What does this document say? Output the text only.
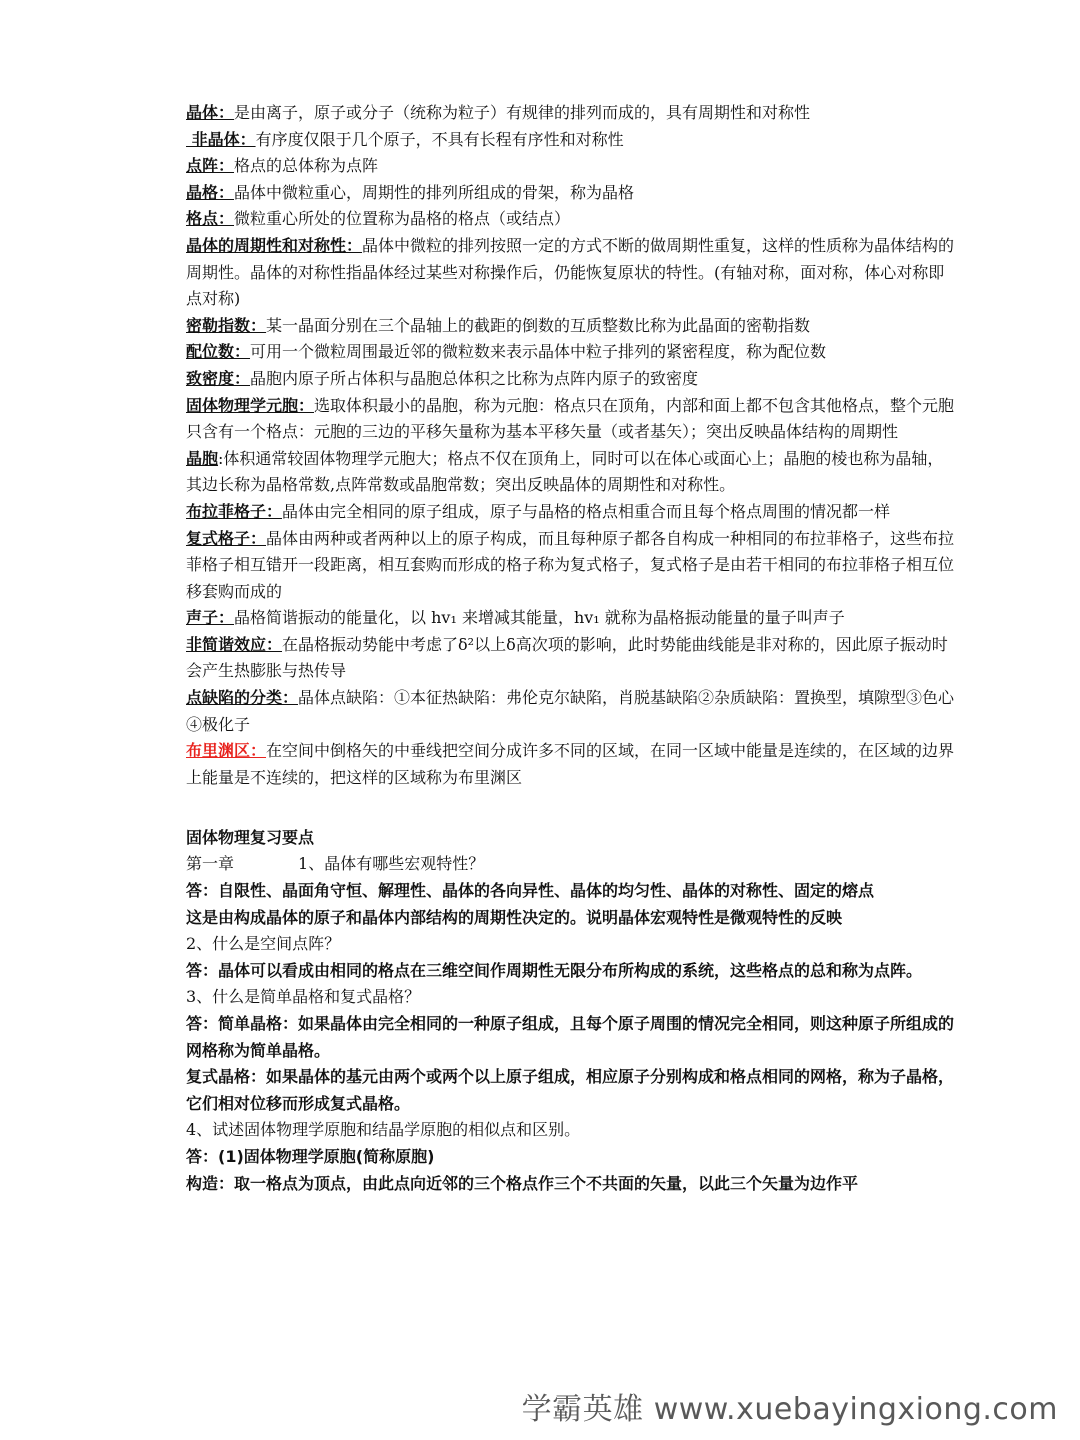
晶体：是由离子，原子或分子（统称为粒子）有规律的排列而成的，具有周期性和对称性

非晶体：有序度仅限于几个原子，不具有长程有序性和对称性

点阵：格点的总体称为点阵

晶格：晶体中微粒重心，周期性的排列所组成的骨架，称为晶格

格点：微粒重心所处的位置称为晶格的格点（或结点）

晶体的周期性和对称性：晶体中微粒的排列按照一定的方式不断的做周期性重复，这样的性质称为晶体结构的周期性。晶体的对称性指晶体经过某些对称操作后，仍能恢复原状的特性。(有轴对称，面对称，体心对称即点对称)

密勒指数：某一晶面分别在三个晶轴上的截距的倒数的互质整数比称为此晶面的密勒指数

配位数：可用一个微粒周围最近邻的微粒数来表示晶体中粒子排列的紧密程度，称为配位数

致密度：晶胞内原子所占体积与晶胞总体积之比称为点阵内原子的致密度

固体物理学元胞：选取体积最小的晶胞，称为元胞：格点只在顶角，内部和面上都不包含其他格点，整个元胞只含有一个格点：元胞的三边的平移矢量称为基本平移矢量（或者基矢）；突出反映晶体结构的周期性

晶胞:体积通常较固体物理学元胞大；格点不仅在顶角上，同时可以在体心或面心上；晶胞的棱也称为晶轴，其边长称为晶格常数,点阵常数或晶胞常数；突出反映晶体的周期性和对称性。

布拉菲格子：晶体由完全相同的原子组成，原子与晶格的格点相重合而且每个格点周围的情况都一样

复式格子：晶体由两种或者两种以上的原子构成，而且每种原子都各自构成一种相同的布拉菲格子，这些布拉菲格子相互错开一段距离，相互套购而形成的格子称为复式格子，复式格子是由若干相同的布拉菲格子相互位移套购而成的

声子：晶格简谐振动的能量化，以 hv₁ 来增减其能量，hv₁ 就称为晶格振动能量的量子叫声子

非简谐效应：在晶格振动势能中考虑了δ²以上δ高次项的影响，此时势能曲线能是非对称的，因此原子振动时会产生热膨胀与热传导

点缺陷的分类：晶体点缺陷：①本征热缺陷：弗伦克尔缺陷，肖脱基缺陷②杂质缺陷：置换型，填隙型③色心④极化子

布里渊区：在空间中倒格矢的中垂线把空间分成许多不同的区域，在同一区域中能量是连续的，在区域的边界上能量是不连续的，把这样的区域称为布里渊区

固体物理复习要点

第一章	1、晶体有哪些宏观特性？

答：自限性、晶面角守恒、解理性、晶体的各向异性、晶体的均匀性、晶体的对称性、固定的熔点

这是由构成晶体的原子和晶体内部结构的周期性决定的。说明晶体宏观特性是微观特性的反映

2、什么是空间点阵？

答：晶体可以看成由相同的格点在三维空间作周期性无限分布所构成的系统，这些格点的总和称为点阵。

3、什么是简单晶格和复式晶格？

答：简单晶格：如果晶体由完全相同的一种原子组成，且每个原子周围的情况完全相同，则这种原子所组成的网格称为简单晶格。

复式晶格：如果晶体的基元由两个或两个以上原子组成，相应原子分别构成和格点相同的网格，称为子晶格，它们相对位移而形成复式晶格。

4、试述固体物理学原胞和结晶学原胞的相似点和区别。

答：(1)固体物理学原胞(简称原胞)

构造：取一格点为顶点，由此点向近邻的三个格点作三个不共面的矢量，以此三个矢量为边作平

学霸英雄 www.xuebayingxiong.com
